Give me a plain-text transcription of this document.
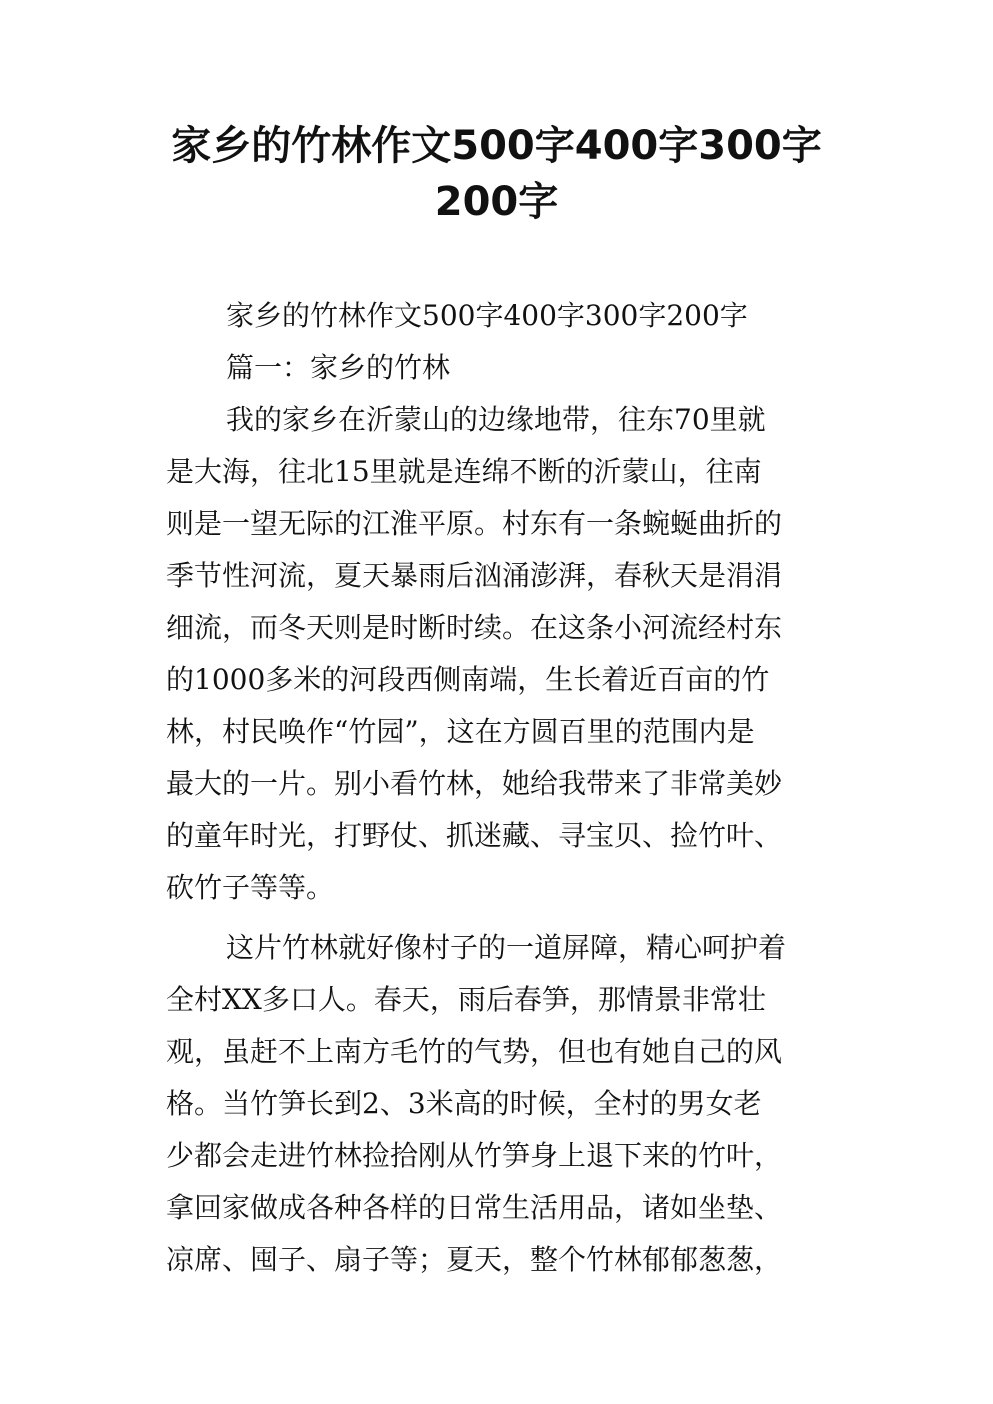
家乡的竹林作文500字400字300字
200字
家乡的竹林作文500字400字300字200字
篇一：家乡的竹林
我的家乡在沂蒙山的边缘地带，往东70里就
是大海，往北15里就是连绵不断的沂蒙山，往南
则是一望无际的江淮平原。村东有一条蜿蜒曲折的
季节性河流，夏天暴雨后汹涌澎湃，春秋天是涓涓
细流，而冬天则是时断时续。在这条小河流经村东
的1000多米的河段西侧南端，生长着近百亩的竹
林，村民唤作“竹园”，这在方圆百里的范围内是
最大的一片。别小看竹林，她给我带来了非常美妙
的童年时光，打野仗、抓迷藏、寻宝贝、捡竹叶、
砍竹子等等。
这片竹林就好像村子的一道屏障，精心呵护着
全村XX多口人。春天，雨后春笋，那情景非常壮
观，虽赶不上南方毛竹的气势，但也有她自己的风
格。当竹笋长到2、3米高的时候，全村的男女老
少都会走进竹林捡拾刚从竹笋身上退下来的竹叶，
拿回家做成各种各样的日常生活用品，诸如坐垫、
凉席、囤子、扇子等；夏天，整个竹林郁郁葱葱，
